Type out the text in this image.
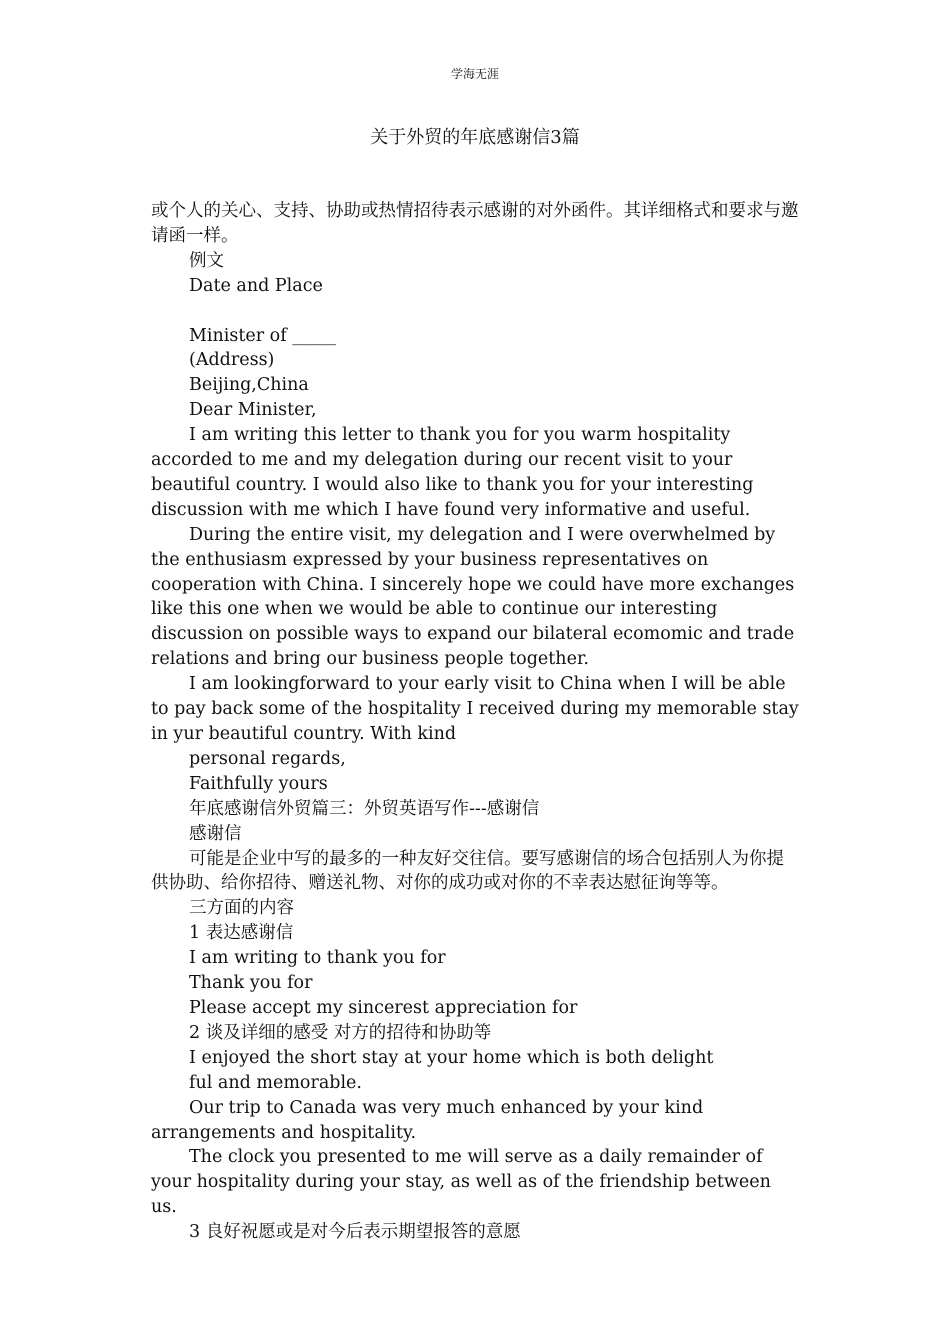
学海无涯
关于外贸的年底感谢信3篇

或个人的关心、支持、协助或热情招待表示感谢的对外函件。其详细格式和要求与邀请函一样。

例文

Date and Place

Minister of _____

(Address)

Beijing,China

Dear Minister,

I am writing this letter to thank you for you warm hospitality accorded to me and my delegation during our recent visit to your beautiful country. I would also like to thank you for your interesting discussion with me which I have found very informative and useful.

During the entire visit, my delegation and I were overwhelmed by the enthusiasm expressed by your business representatives on cooperation with China. I sincerely hope we could have more exchanges like this one when we would be able to continue our interesting discussion on possible ways to expand our bilateral ecomomic and trade relations and bring our business people together.

I am lookingforward to your early visit to China when I will be able to pay back some of the hospitality I received during my memorable stay in yur beautiful country. With kind

personal regards,

Faithfully yours

年底感谢信外贸篇三：外贸英语写作---感谢信

感谢信

可能是企业中写的最多的一种友好交往信。要写感谢信的场合包括别人为你提供协助、给你招待、赠送礼物、对你的成功或对你的不幸表达慰征询等等。

三方面的内容

1 表达感谢信

I am writing to thank you for

Thank you for

Please accept my sincerest appreciation for

2 谈及详细的感受 对方的招待和协助等

I enjoyed the short stay at your home which is both delight

ful and memorable.

Our trip to Canada was very much enhanced by your kind arrangements and hospitality.

The clock you presented to me will serve as a daily remainder of your hospitality during your stay, as well as of the friendship between us.

3 良好祝愿或是对今后表示期望报答的意愿
